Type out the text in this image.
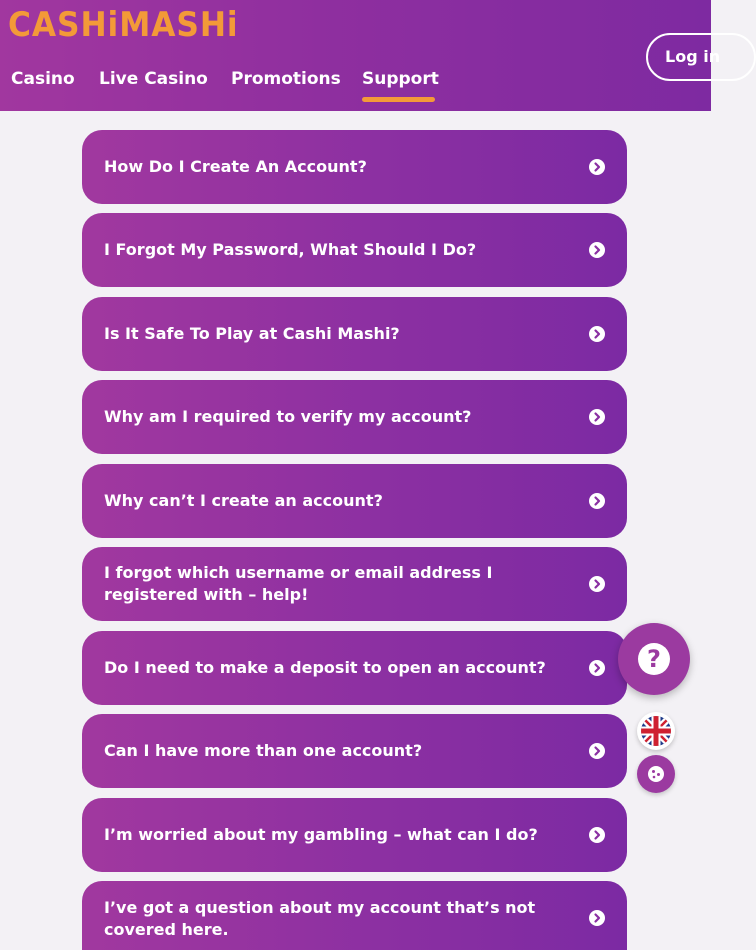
CASHiMASHi
Casino Live Casino Promotions Support
Log in
How Do I Create An Account?
I Forgot My Password, What Should I Do?
Is It Safe To Play at Cashi Mashi?
Why am I required to verify my account?
Why can’t I create an account?
I forgot which username or email address I registered with – help!
Do I need to make a deposit to open an account?
Can I have more than one account?
I’m worried about my gambling – what can I do?
I’ve got a question about my account that’s not covered here.
?
